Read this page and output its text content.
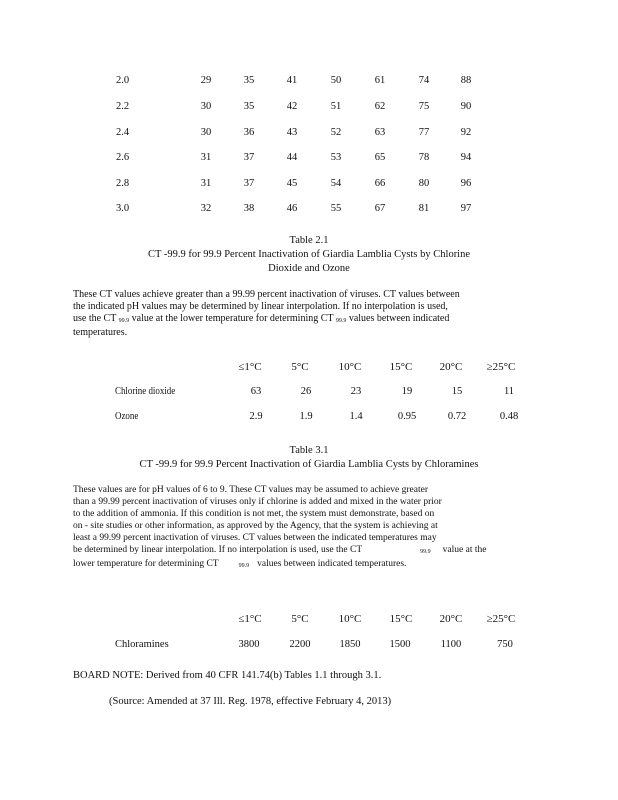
2.0	29	35	41	50	61	74	88
2.2	30	35	42	51	62	75	90
2.4	30	36	43	52	63	77	92
2.6	31	37	44	53	65	78	94
2.8	31	37	45	54	66	80	96
3.0	32	38	46	55	67	81	97
Table 2.1
CT -99.9 for 99.9 Percent Inactivation of Giardia Lamblia Cysts by Chlorine
Dioxide and Ozone
These CT values achieve greater than a 99.99 percent inactivation of viruses. CT values between
the indicated pH values may be determined by linear interpolation. If no interpolation is used,
use the CT 99.9 value at the lower temperature for determining CT 99.9 values between indicated
temperatures.
≤1°C	5°C	10°C	15°C	20°C	≥25°C
Chlorine dioxide	63	26	23	19	15	11
Ozone	2.9	1.9	1.4	0.95	0.72	0.48
Table 3.1
CT -99.9 for 99.9 Percent Inactivation of Giardia Lamblia Cysts by Chloramines
These values are for pH values of 6 to 9. These CT values may be assumed to achieve greater
than a 99.99 percent inactivation of viruses only if chlorine is added and mixed in the water prior
to the addition of ammonia. If this condition is not met, the system must demonstrate, based on
on - site studies or other information, as approved by the Agency, that the system is achieving at
least a 99.99 percent inactivation of viruses. CT values between the indicated temperatures may
be determined by linear interpolation. If no interpolation is used, use the CT	99.9 value at the
lower temperature for determining CT	99.9 values between indicated temperatures.
≤1°C	5°C	10°C	15°C	20°C	≥25°C
Chloramines	3800	2200	1850	1500	1100	750
BOARD NOTE: Derived from 40 CFR 141.74(b) Tables 1.1 through 3.1.
(Source: Amended at 37 Ill. Reg. 1978, effective February 4, 2013)
